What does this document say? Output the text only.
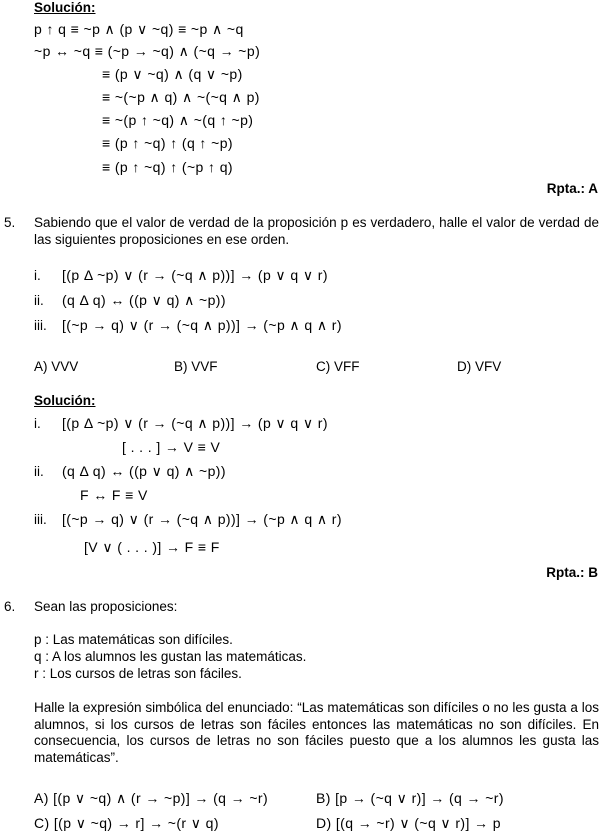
Solución:
p ↑ q ≡ ~p ∧ (p ∨ ~q) ≡ ~p ∧ ~q
~p ↔ ~q ≡ (~p → ~q) ∧ (~q → ~p)
≡ (p ∨ ~q) ∧ (q ∨ ~p)
≡ ~(~p ∧ q) ∧ ~(~q ∧ p)
≡ ~(p ↑ ~q) ∧ ~(q ↑ ~p)
≡ (p ↑ ~q) ↑ (q ↑ ~p)
≡ (p ↑ ~q) ↑ (~p ↑ q)
Rpta.: A
5. Sabiendo que el valor de verdad de la proposición p es verdadero, halle el valor de verdad de las siguientes proposiciones en ese orden.
i. [(p Δ ~p) ∨ (r → (~q ∧ p))] → (p ∨ q ∨ r)
ii. (q Δ q) ↔ ((p ∨ q) ∧ ~p))
iii. [(~p → q) ∨ (r → (~q ∧ p))] → (~p ∧ q ∧ r)
A) VVV	B) VVF	C) VFF	D) VFV
Solución:
i. [(p Δ ~p) ∨ (r → (~q ∧ p))] → (p ∨ q ∨ r)
[ . . . ] → V ≡ V
ii. (q Δ q) ↔ ((p ∨ q) ∧ ~p))
F ↔ F ≡ V
iii. [(~p → q) ∨ (r → (~q ∧ p))] → (~p ∧ q ∧ r)
[V ∨ ( . . . )] → F ≡ F
Rpta.: B
6. Sean las proposiciones:
p : Las matemáticas son difíciles.
q : A los alumnos les gustan las matemáticas.
r : Los cursos de letras son fáciles.
Halle la expresión simbólica del enunciado: “Las matemáticas son difíciles o no les gusta a los alumnos, si los cursos de letras son fáciles entonces las matemáticas no son difíciles. En consecuencia, los cursos de letras no son fáciles puesto que a los alumnos les gusta las matemáticas”.
A) [(p ∨ ~q) ∧ (r → ~p)] → (q → ~r)	B) [p → (~q ∨ r)] → (q → ~r)
C) [(p ∨ ~q) → r] → ~(r ∨ q)	D) [(q → ~r) ∨ (~q ∨ r)] → p
